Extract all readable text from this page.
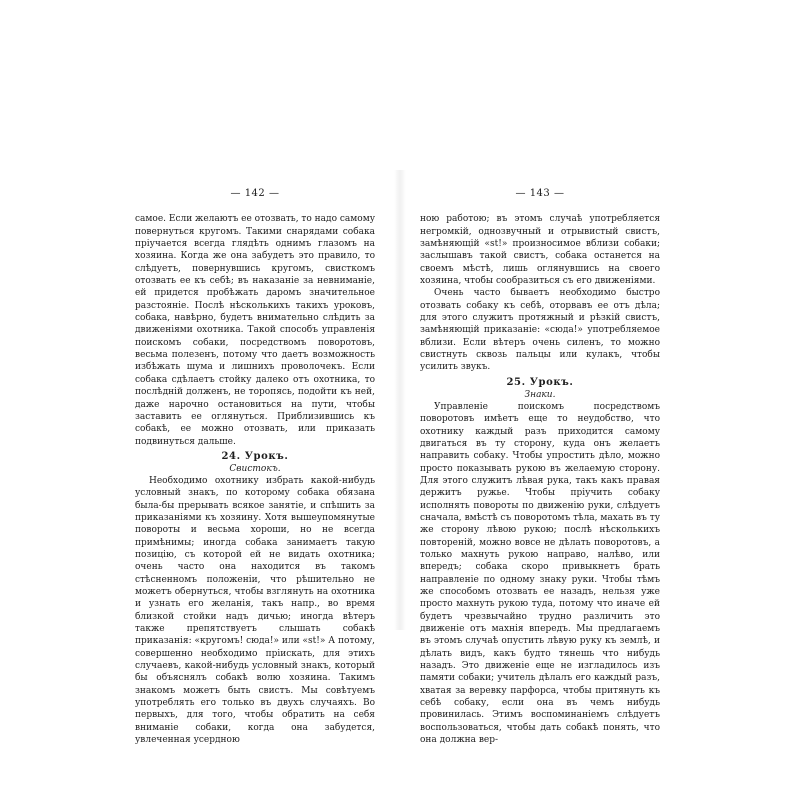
— 142 —

самое. Если желаютъ ее отозвать, то надо самому повернуться кругомъ. Такими снарядами собака пріучается всегда глядѣть однимъ глазомъ на хозяина. Когда же она забудетъ это правило, то слѣдуетъ, повернувшись кругомъ, свисткомъ отозвать ее къ себѣ; въ наказаніе за невниманіе, ей придется пробѣжать даромъ значительное разстояніе. Послѣ нѣсколькихъ такихъ уроковъ, собака, навѣрно, будетъ внимательно слѣдить за движеніями охотника. Такой способъ управленія поискомъ собаки, посредствомъ поворотовъ, весьма полезенъ, потому что даетъ возможность избѣжать шума и лишнихъ проволочекъ. Если собака сдѣлаетъ стойку далеко отъ охотника, то послѣдній долженъ, не торопясь, подойти къ ней, даже нарочно остановиться на пути, чтобы заставить ее оглянуться. Приблизившись къ собакѣ, ее можно отозвать, или приказать подвинуться дальше.

24. Урокъ.
Свистокъ.

Необходимо охотнику избрать какой-нибудь условный знакъ, по которому собака обязана была-бы прерывать всякое занятіе, и спѣшить за приказаніями къ хозяину. Хотя вышеупомянутые повороты и весьма хороши, но не всегда примѣнимы; иногда собака занимаетъ такую позицію, съ которой ей не видать охотника; очень часто она находится въ такомъ стѣсненномъ положеніи, что рѣшительно не можетъ обернуться, чтобы взглянуть на охотника и узнать его желанія, такъ напр., во время близкой стойки надъ дичью; иногда вѣтеръ также препятствуетъ слышать собакѣ приказанія: «кругомъ! сюда!» или «st!» А потому, совершенно необходимо пріискать, для этихъ случаевъ, какой-нибудь условный знакъ, который бы объяснялъ собакѣ волю хозяина. Такимъ знакомъ можетъ быть свистъ. Мы совѣтуемъ употреблять его только въ двухъ случаяхъ. Во первыхъ, для того, чтобы обратить на себя вниманіе собаки, когда она забудется, увлеченная усердною

— 143 —

ною работою; въ этомъ случаѣ употребляется негромкій, однозвучный и отрывистый свистъ, замѣняющій «st!» произносимое вблизи собаки; заслышавъ такой свистъ, собака останется на своемъ мѣстѣ, лишь оглянувшись на своего хозяина, чтобы сообразиться съ его движеніями.

Очень часто бываетъ необходимо быстро отозвать собаку къ себѣ, оторвавъ ее отъ дѣла; для этого служитъ протяжный и рѣзкій свистъ, замѣняющій приказаніе: «сюда!» употребляемое вблизи. Если вѣтеръ очень силенъ, то можно свистнуть сквозь пальцы или кулакъ, чтобы усилить звукъ.

25. Урокъ.
Знаки.

Управленіе поискомъ посредствомъ поворотовъ имѣетъ еще то неудобство, что охотнику каждый разъ приходится самому двигаться въ ту сторону, куда онъ желаетъ направить собаку. Чтобы упростить дѣло, можно просто показывать рукою въ желаемую сторону. Для этого служитъ лѣвая рука, такъ какъ правая держитъ ружье. Чтобы пріучить собаку исполнять повороты по движенію руки, слѣдуетъ сначала, вмѣстѣ съ поворотомъ тѣла, махать въ ту же сторону лѣвою рукою; послѣ нѣсколькихъ повтореній, можно вовсе не дѣлать поворотовъ, а только махнуть рукою направо, налѣво, или впередъ; собака скоро привыкнетъ брать направленіе по одному знаку руки. Чтобы тѣмъ же способомъ отозвать ее назадъ, нельзя уже просто махнуть рукою туда, потому что иначе ей будетъ чрезвычайно трудно различить это движеніе отъ махнія впередъ. Мы предлагаемъ въ этомъ случаѣ опустить лѣвую руку къ землѣ, и дѣлать видъ, какъ будто тянешь что нибудь назадъ. Это движеніе еще не изгладилось изъ памяти собаки; учитель дѣлалъ его каждый разъ, хватая за веревку парфорса, чтобы притянуть къ себѣ собаку, если она въ чемъ нибудь провинилась. Этимъ воспоминаніемъ слѣдуетъ воспользоваться, чтобы дать собакѣ понять, что она должна вер-
